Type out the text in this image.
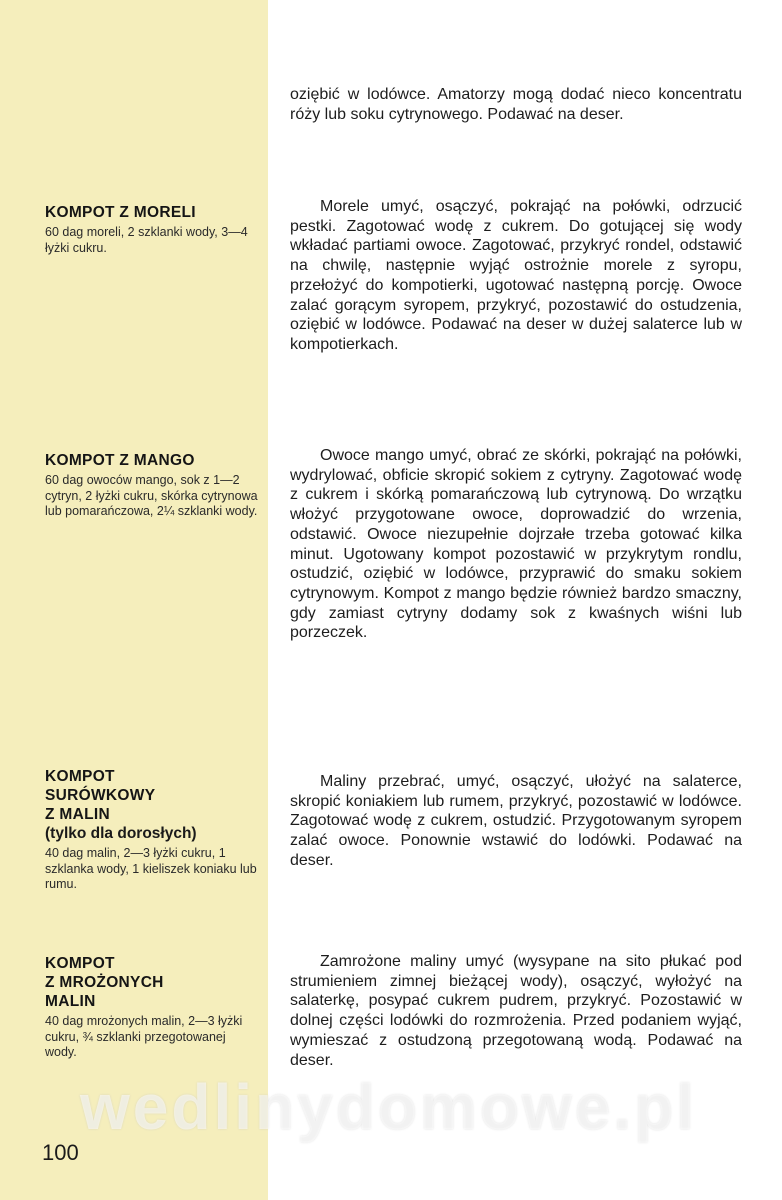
KOMPOT Z MORELI
60 dag moreli, 2 szklanki wody, 3—4 łyżki cukru.
KOMPOT Z MANGO
60 dag owoców mango, sok z 1—2 cytryn, 2 łyżki cukru, skórka cytrynowa lub pomarańczowa, 2¼ szklanki wody.
KOMPOT
SURÓWKOWY
Z MALIN
(tylko dla dorosłych)
40 dag malin, 2—3 łyżki cukru, 1 szklanka wody, 1 kieliszek koniaku lub rumu.
KOMPOT
Z MROŻONYCH
MALIN
40 dag mrożonych malin, 2—3 łyżki cukru, ¾ szklanki przegotowanej wody.

oziębić w lodówce. Amatorzy mogą dodać nieco koncentratu róży lub soku cytrynowego. Podawać na deser.

Morele umyć, osączyć, pokrająć na połówki, odrzucić pestki. Zagotować wodę z cukrem. Do gotującej się wody wkładać partiami owoce. Zagotować, przykryć rondel, odstawić na chwilę, następnie wyjąć ostrożnie morele z syropu, przełożyć do kompotierki, ugotować następną porcję. Owoce zalać gorącym syropem, przykryć, pozostawić do ostudzenia, oziębić w lodówce. Podawać na deser w dużej salaterce lub w kompotierkach.

Owoce mango umyć, obrać ze skórki, pokrająć na połówki, wydrylować, obficie skropić sokiem z cytryny. Zagotować wodę z cukrem i skórką pomarańczową lub cytrynową. Do wrzątku włożyć przygotowane owoce, doprowadzić do wrzenia, odstawić. Owoce niezupełnie dojrzałe trzeba gotować kilka minut. Ugotowany kompot pozostawić w przykrytym rondlu, ostudzić, oziębić w lodówce, przyprawić do smaku sokiem cytrynowym. Kompot z mango będzie również bardzo smaczny, gdy zamiast cytryny dodamy sok z kwaśnych wiśni lub porzeczek.

Maliny przebrać, umyć, osączyć, ułożyć na salaterce, skropić koniakiem lub rumem, przykryć, pozostawić w lodówce. Zagotować wodę z cukrem, ostudzić. Przygotowanym syropem zalać owoce. Ponownie wstawić do lodówki. Podawać na deser.

Zamrożone maliny umyć (wysypane na sito płukać pod strumieniem zimnej bieżącej wody), osączyć, wyłożyć na salaterkę, posypać cukrem pudrem, przykryć. Pozostawić w dolnej części lodówki do rozmrożenia. Przed podaniem wyjąć, wymieszać z ostudzoną przegotowaną wodą. Podawać na deser.

wedlinydomowe.pl
100
